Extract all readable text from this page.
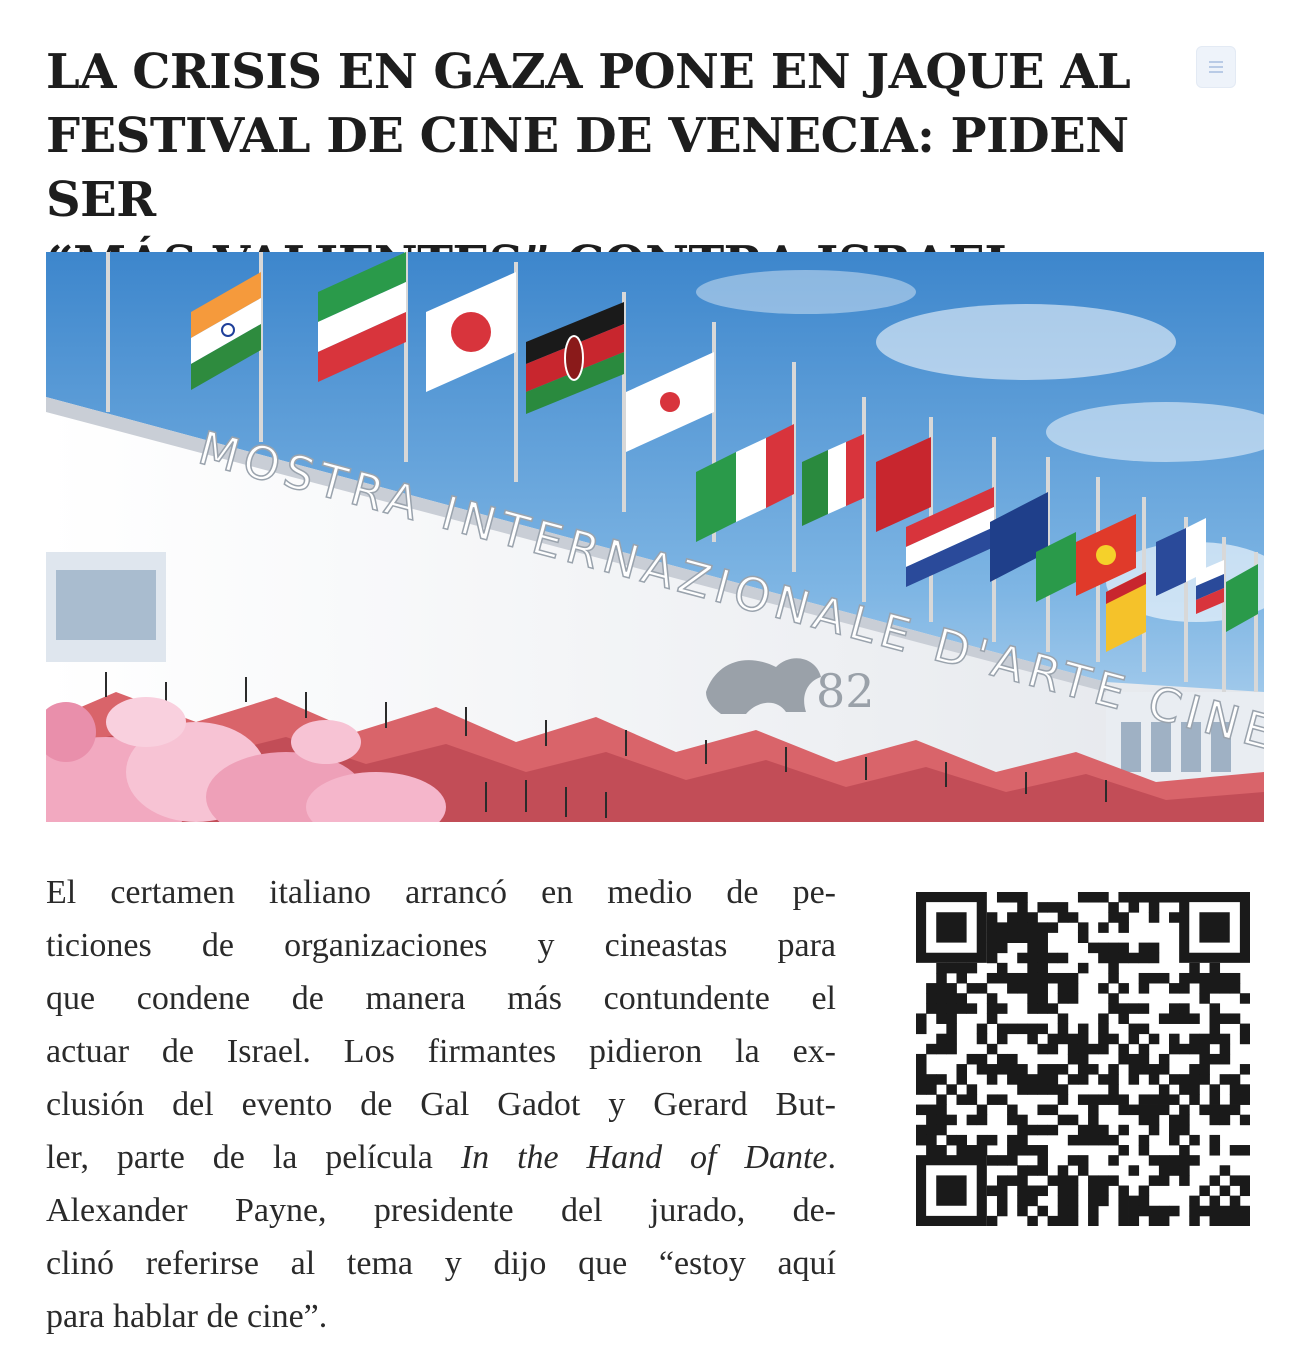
LA CRISIS EN GAZA PONE EN JAQUE AL
FESTIVAL DE CINE DE VENECIA: PIDEN SER

82

El certamen italiano arrancó en medio de pe-
ticiones de organizaciones y cineastas para
que condene de manera más contundente el
actuar de Israel. Los firmantes pidieron la ex-
clusión del evento de Gal Gadot y Gerard But-
ler, parte de la película In the Hand of Dante.
Alexander Payne, presidente del jurado, de-
clinó referirse al tema y dijo que “estoy aquí
para hablar de cine”.
